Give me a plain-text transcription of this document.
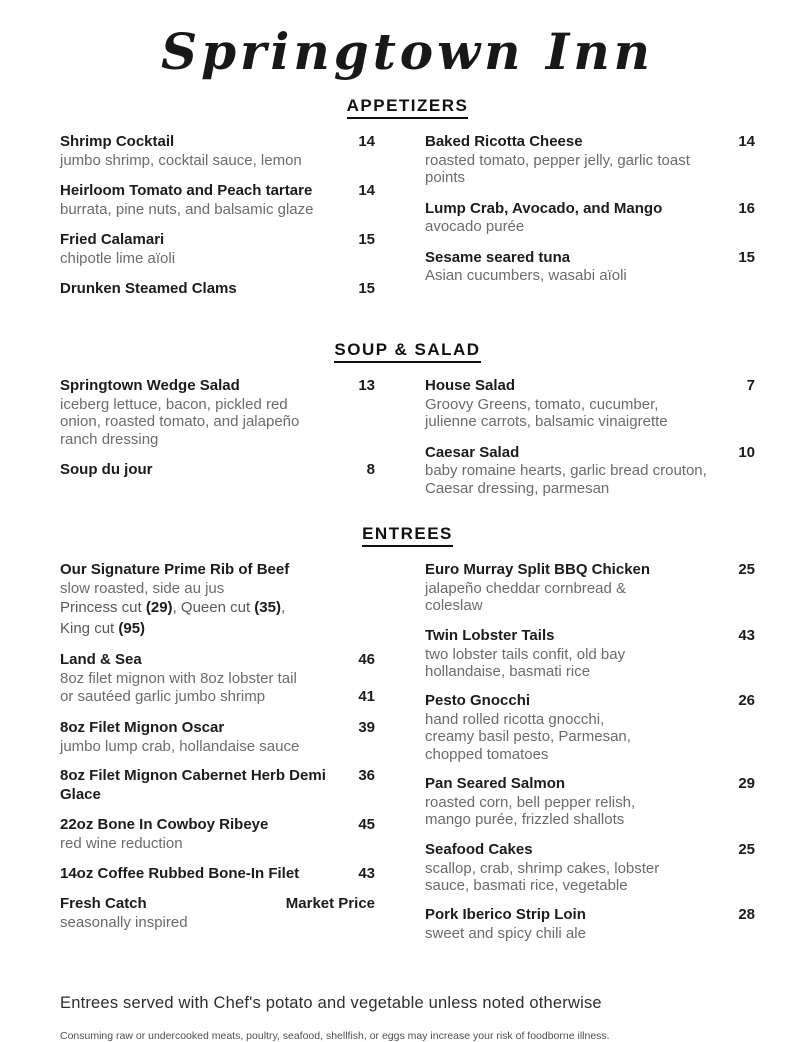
Springtown Inn
APPETIZERS
Shrimp Cocktail	14
jumbo shrimp, cocktail sauce, lemon
Heirloom Tomato and Peach tartare	14
burrata, pine nuts, and balsamic glaze
Fried Calamari	15
chipotle lime aïoli
Drunken Steamed Clams	15
Baked Ricotta Cheese	14
roasted tomato, pepper jelly, garlic toast
points
Lump Crab, Avocado, and Mango	16
avocado purée
Sesame seared tuna	15
Asian cucumbers, wasabi aïoli
SOUP & SALAD
Springtown Wedge Salad	13
iceberg lettuce, bacon, pickled red
onion, roasted tomato, and jalapeño
ranch dressing
Soup du jour	8
House Salad	7
Groovy Greens, tomato, cucumber,
julienne carrots, balsamic vinaigrette
Caesar Salad	10
baby romaine hearts, garlic bread crouton,
Caesar dressing, parmesan
ENTREES
Our Signature Prime Rib of Beef
slow roasted, side au jus
Princess cut (29), Queen cut (35),
King cut (95)
Land & Sea	46
8oz filet mignon with 8oz lobster tail
or sautéed garlic jumbo shrimp	41
8oz Filet Mignon Oscar	39
jumbo lump crab, hollandaise sauce
8oz Filet Mignon Cabernet Herb Demi Glace
36
22oz Bone In Cowboy Ribeye	45
red wine reduction
14oz Coffee Rubbed Bone-In Filet	43
Fresh Catch	Market Price
seasonally inspired
Euro Murray Split BBQ Chicken	25
jalapeño cheddar cornbread &
coleslaw
Twin Lobster Tails	43
two lobster tails confit, old bay
hollandaise, basmati rice
Pesto Gnocchi	26
hand rolled ricotta gnocchi,
creamy basil pesto, Parmesan,
chopped tomatoes
Pan Seared Salmon	29
roasted corn, bell pepper relish,
mango purée, frizzled shallots
Seafood Cakes	25
scallop, crab, shrimp cakes, lobster
sauce, basmati rice, vegetable
Pork Iberico Strip Loin	28
sweet and spicy chili ale
Entrees served with Chef's potato and vegetable unless noted otherwise
Consuming raw or undercooked meats, poultry, seafood, shellfish, or eggs may increase your risk of foodborne illness.
